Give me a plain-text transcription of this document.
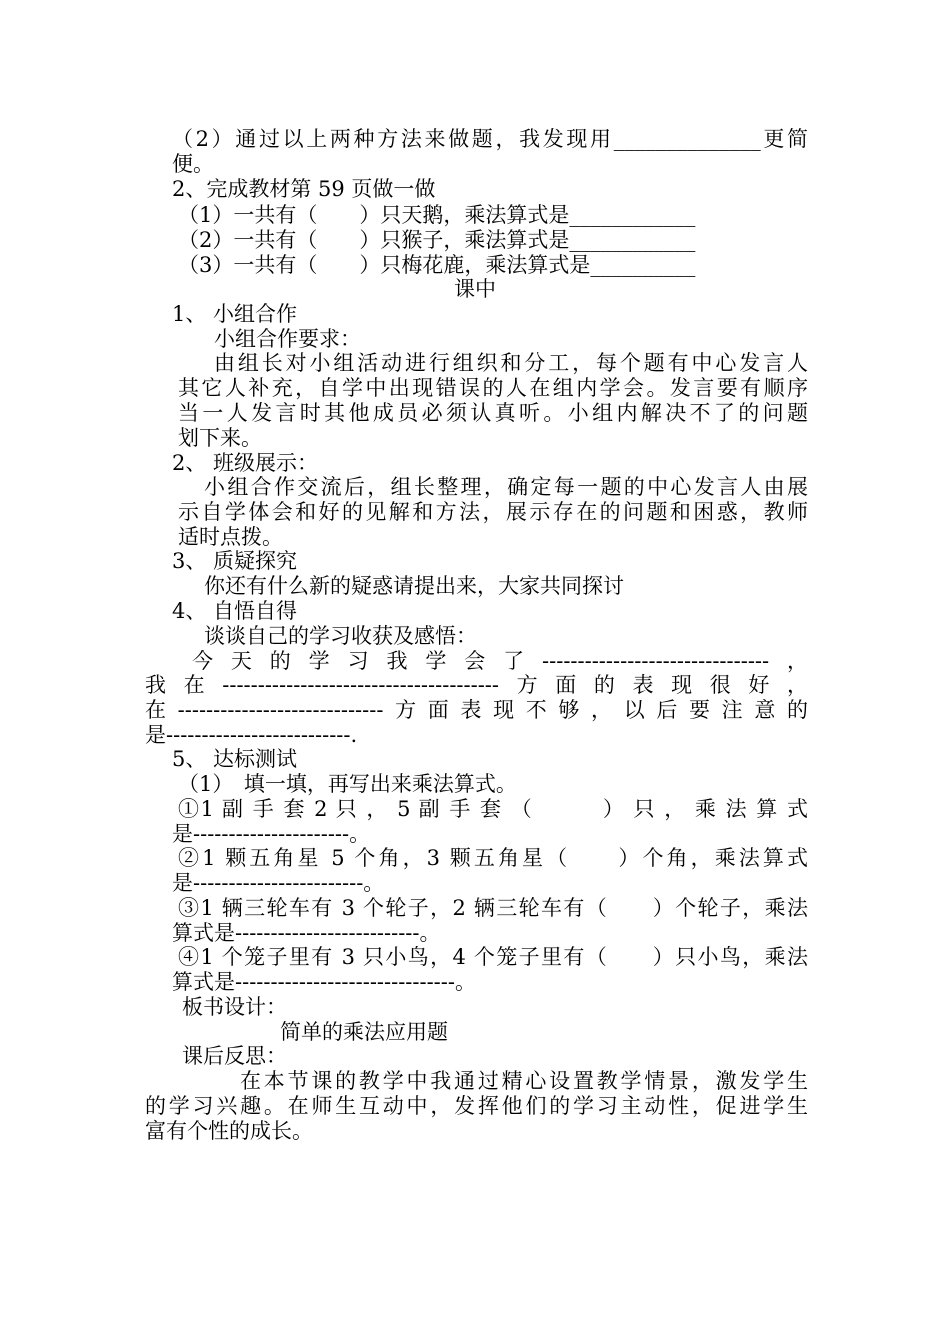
（2）通过以上两种方法来做题，我发现用______________更简
便。
2、完成教材第 59 页做一做
（1）一共有（　　）只天鹅，乘法算式是____________
（2）一共有（　　）只猴子，乘法算式是____________
（3）一共有（　　）只梅花鹿，乘法算式是__________
课中
1、 小组合作
小组合作要求：
由组长对小组活动进行组织和分工，每个题有中心发言人
其它人补充，自学中出现错误的人在组内学会。发言要有顺序
当一人发言时其他成员必须认真听。小组内解决不了的问题
划下来。
2、 班级展示：
小组合作交流后，组长整理，确定每一题的中心发言人由展
示自学体会和好的见解和方法，展示存在的问题和困惑，教师
适时点拨。
3、 质疑探究
你还有什么新的疑惑请提出来，大家共同探讨
4、 自悟自得
谈谈自己的学习收获及感悟：
今天的学习我学会了--------------------------------，
我在---------------------------------------方面的表现很好，
在-----------------------------方面表现不够，以后要注意的
是--------------------------.
5、 达标测试
（1）　填一填，再写出来乘法算式。
①1 副 手 套 2 只 ， 5 副 手 套 （ 　 　 ） 只 ， 乘 法 算 式
是----------------------。
②1 颗五角星 5 个角，3 颗五角星（　　）个角，乘法算式
是------------------------。
③1 辆三轮车有 3 个轮子，2 辆三轮车有（　　）个轮子，乘法
算式是--------------------------。
④1 个笼子里有 3 只小鸟，4 个笼子里有（　　）只小鸟，乘法
算式是-------------------------------。
板书设计：
简单的乘法应用题
课后反思：
在本节课的教学中我通过精心设置教学情景，激发学生
的学习兴趣。在师生互动中，发挥他们的学习主动性，促进学生
富有个性的成长。
